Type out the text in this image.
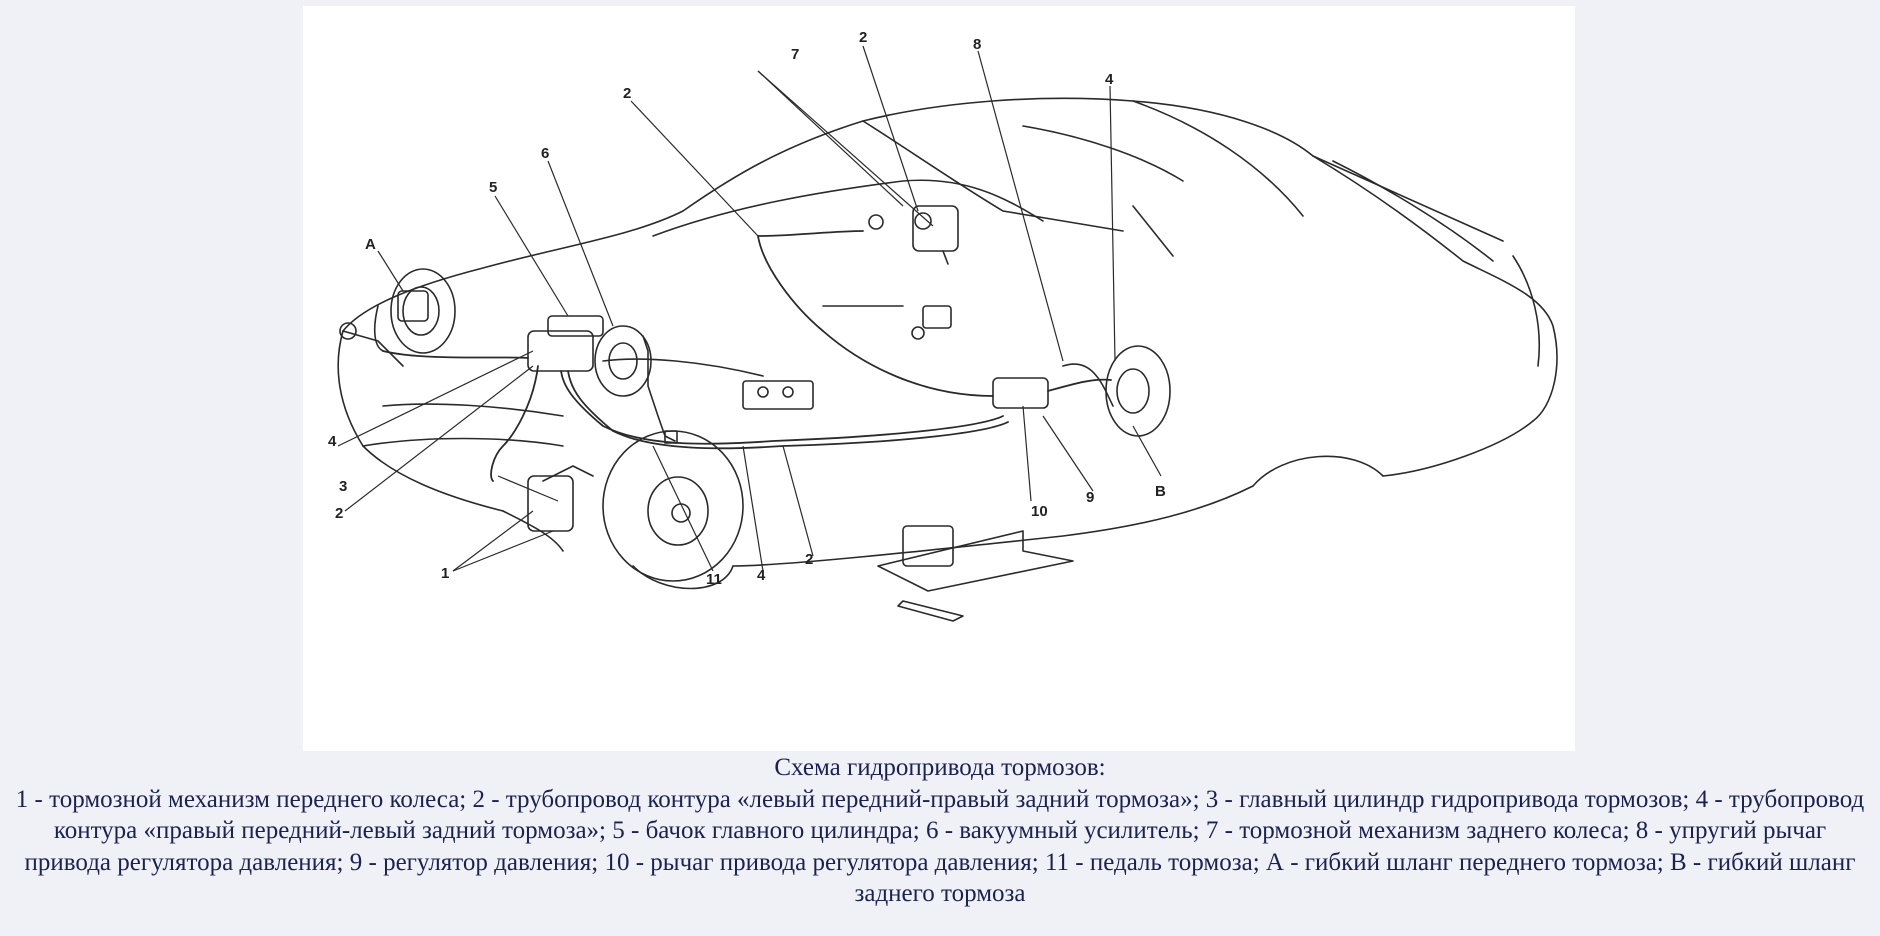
А
1
2
2
2
2
3
4
4
4
5
6
7
8
9
10
11
В
Схема гидропривода тормозов:
1 - тормозной механизм переднего колеса; 2 - трубопровод контура «левый передний-правый задний тормоза»; 3 - главный цилиндр гидропривода тормозов; 4 - трубопровод контура «правый передний-левый задний тормоза»; 5 - бачок главного цилиндра; 6 - вакуумный усилитель; 7 - тормозной механизм заднего колеса; 8 - упругий рычаг привода регулятора давления; 9 - регулятор давления; 10 - рычаг привода регулятора давления; 11 - педаль тормоза; А - гибкий шланг переднего тормоза; В - гибкий шланг заднего тормоза
